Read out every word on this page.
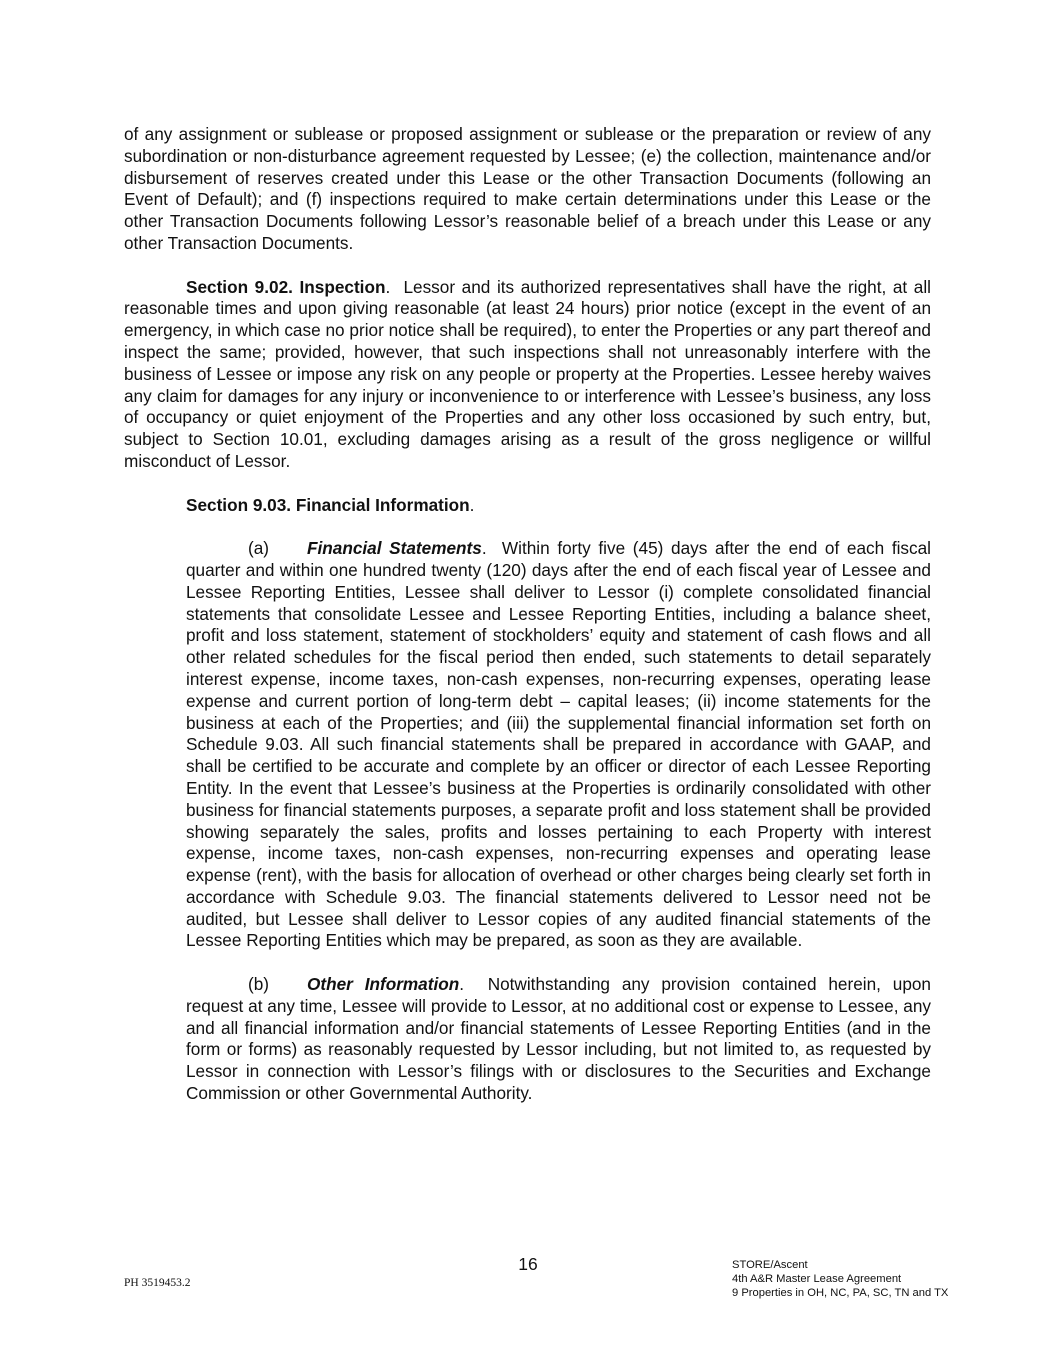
of any assignment or sublease or proposed assignment or sublease or the preparation or review of any subordination or non-disturbance agreement requested by Lessee; (e) the collection, maintenance and/or disbursement of reserves created under this Lease or the other Transaction Documents (following an Event of Default); and (f) inspections required to make certain determinations under this Lease or the other Transaction Documents following Lessor’s reasonable belief of a breach under this Lease or any other Transaction Documents.

Section 9.02. Inspection. Lessor and its authorized representatives shall have the right, at all reasonable times and upon giving reasonable (at least 24 hours) prior notice (except in the event of an emergency, in which case no prior notice shall be required), to enter the Properties or any part thereof and inspect the same; provided, however, that such inspections shall not unreasonably interfere with the business of Lessee or impose any risk on any people or property at the Properties. Lessee hereby waives any claim for damages for any injury or inconvenience to or interference with Lessee’s business, any loss of occupancy or quiet enjoyment of the Properties and any other loss occasioned by such entry, but, subject to Section 10.01, excluding damages arising as a result of the gross negligence or willful misconduct of Lessor.

Section 9.03. Financial Information.

(a) Financial Statements. Within forty five (45) days after the end of each fiscal quarter and within one hundred twenty (120) days after the end of each fiscal year of Lessee and Lessee Reporting Entities, Lessee shall deliver to Lessor (i) complete consolidated financial statements that consolidate Lessee and Lessee Reporting Entities, including a balance sheet, profit and loss statement, statement of stockholders’ equity and statement of cash flows and all other related schedules for the fiscal period then ended, such statements to detail separately interest expense, income taxes, non-cash expenses, non-recurring expenses, operating lease expense and current portion of long-term debt – capital leases; (ii) income statements for the business at each of the Properties; and (iii) the supplemental financial information set forth on Schedule 9.03. All such financial statements shall be prepared in accordance with GAAP, and shall be certified to be accurate and complete by an officer or director of each Lessee Reporting Entity. In the event that Lessee’s business at the Properties is ordinarily consolidated with other business for financial statements purposes, a separate profit and loss statement shall be provided showing separately the sales, profits and losses pertaining to each Property with interest expense, income taxes, non-cash expenses, non-recurring expenses and operating lease expense (rent), with the basis for allocation of overhead or other charges being clearly set forth in accordance with Schedule 9.03. The financial statements delivered to Lessor need not be audited, but Lessee shall deliver to Lessor copies of any audited financial statements of the Lessee Reporting Entities which may be prepared, as soon as they are available.

(b) Other Information. Notwithstanding any provision contained herein, upon request at any time, Lessee will provide to Lessor, at no additional cost or expense to Lessee, any and all financial information and/or financial statements of Lessee Reporting Entities (and in the form or forms) as reasonably requested by Lessor including, but not limited to, as requested by Lessor in connection with Lessor’s filings with or disclosures to the Securities and Exchange Commission or other Governmental Authority.

16
PH 3519453.2
STORE/Ascent
4th A&R Master Lease Agreement
9 Properties in OH, NC, PA, SC, TN and TX
